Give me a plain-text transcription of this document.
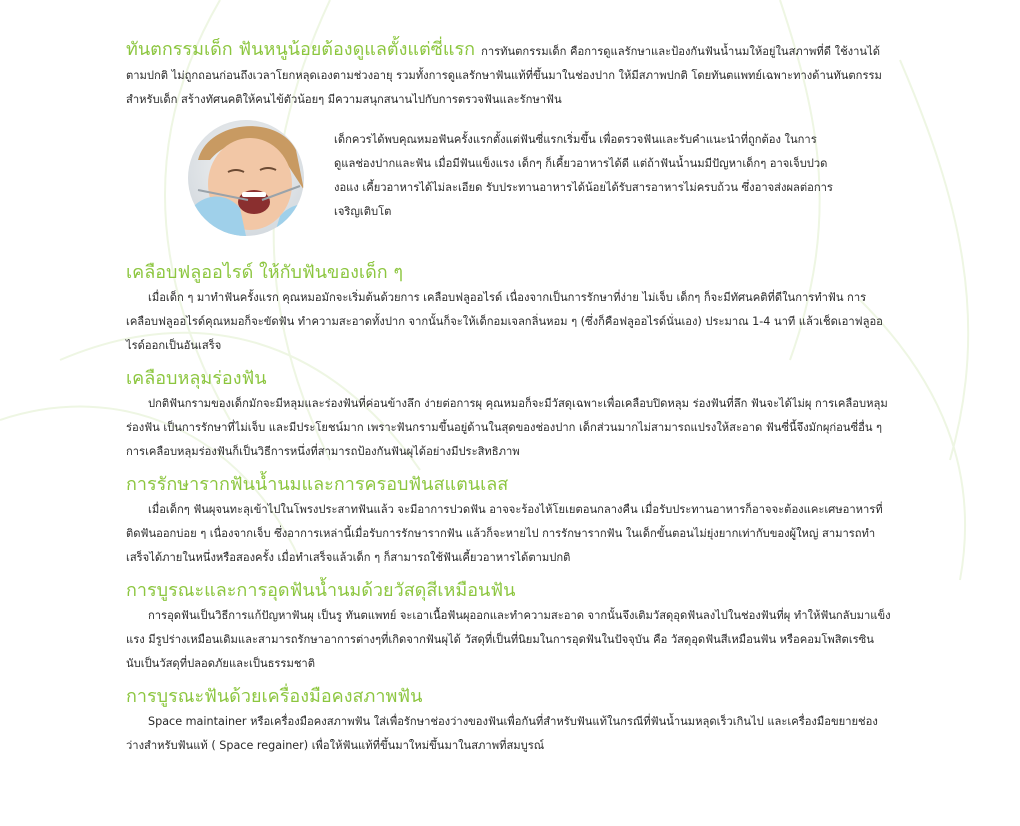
ทันตกรรมเด็ก ฟันหนูน้อยต้องดูแลตั้งแต่ซี่แรก การทันตกรรมเด็ก คือการดูแลรักษาและป้องกันฟันน้ำนมให้อยู่ในสภาพที่ดี ใช้งานได้ตามปกติ ไม่ถูกถอนก่อนถึงเวลาโยกหลุดเองตามช่วงอายุ รวมทั้งการดูแลรักษาฟันแท้ที่ขึ้นมาในช่องปาก ให้มีสภาพปกติ โดยทันตแพทย์เฉพาะทางด้านทันตกรรมสำหรับเด็ก สร้างทัศนคติให้คนไข้ตัวน้อยๆ มีความสนุกสนานไปกับการตรวจฟันและรักษาฟัน

เด็กควรได้พบคุณหมอฟันครั้งแรกตั้งแต่ฟันซี่แรกเริ่มขึ้น เพื่อตรวจฟันและรับคำแนะนำที่ถูกต้อง ในการดูแลช่องปากและฟัน เมื่อมีฟันแข็งแรง เด็กๆ ก็เคี้ยวอาหารได้ดี แต่ถ้าฟันน้ำนมมีปัญหาเด็กๆ อาจเจ็บปวดงอแง เคี้ยวอาหารได้ไม่ละเอียด รับประทานอาหารได้น้อยได้รับสารอาหารไม่ครบถ้วน ซึ่งอาจส่งผลต่อการเจริญเติบโต

เคลือบฟลูออไรด์ ให้กับฟันของเด็ก ๆ

เมื่อเด็ก ๆ มาทำฟันครั้งแรก คุณหมอมักจะเริ่มต้นด้วยการ เคลือบฟลูออไรด์ เนื่องจากเป็นการรักษาที่ง่าย ไม่เจ็บ เด็กๆ ก็จะมีทัศนคติที่ดีในการทำฟัน การเคลือบฟลูออไรด์คุณหมอก็จะขัดฟัน ทำความสะอาดทั้งปาก จากนั้นก็จะให้เด็กอมเจลกลิ่นหอม ๆ (ซึ่งก็คือฟลูออไรด์นั่นเอง) ประมาณ 1-4 นาที แล้วเช็ดเอาฟลูออไรด์ออกเป็นอันเสร็จ

เคลือบหลุมร่องฟัน

ปกติฟันกรามของเด็กมักจะมีหลุมและร่องฟันที่ค่อนข้างลึก ง่ายต่อการผุ คุณหมอก็จะมีวัสดุเฉพาะเพื่อเคลือบปิดหลุม ร่องฟันที่ลึก ฟันจะได้ไม่ผุ การเคลือบหลุมร่องฟัน เป็นการรักษาที่ไม่เจ็บ และมีประโยชน์มาก เพราะฟันกรามขึ้นอยู่ด้านในสุดของช่องปาก เด็กส่วนมากไม่สามารถแปรงให้สะอาด ฟันซี่นี้จึงมักผุก่อนซี่อื่น ๆ การเคลือบหลุมร่องฟันก็เป็นวิธีการหนึ่งที่สามารถป้องกันฟันผุได้อย่างมีประสิทธิภาพ

การรักษารากฟันน้ำนมและการครอบฟันสแตนเลส

เมื่อเด็กๆ ฟันผุจนทะลุเข้าไปในโพรงประสาทฟันแล้ว จะมีอาการปวดฟัน อาจจะร้องไห้โยเยตอนกลางคืน เมื่อรับประทานอาหารก็อาจจะต้องแคะเศษอาหารที่ติดฟันออกบ่อย ๆ เนื่องจากเจ็บ ซึ่งอาการเหล่านี้เมื่อรับการรักษารากฟัน แล้วก็จะหายไป การรักษารากฟัน ในเด็กขั้นตอนไม่ยุ่งยากเท่ากับของผู้ใหญ่ สามารถทำเสร็จได้ภายในหนึ่งหรือสองครั้ง เมื่อทำเสร็จแล้วเด็ก ๆ ก็สามารถใช้ฟันเคี้ยวอาหารได้ตามปกติ

การบูรณะและการอุดฟันน้ำนมด้วยวัสดุสีเหมือนฟัน

การอุดฟันเป็นวิธีการแก้ปัญหาฟันผุ เป็นรู ทันตแพทย์ จะเอาเนื้อฟันผุออกและทำความสะอาด จากนั้นจึงเติมวัสดุอุดฟันลงไปในช่องฟันที่ผุ ทำให้ฟันกลับมาแข็งแรง มีรูปร่างเหมือนเดิมและสามารถรักษาอาการต่างๆที่เกิดจากฟันผุได้ วัสดุที่เป็นที่นิยมในการอุดฟันในปัจจุบัน คือ วัสดุอุดฟันสีเหมือนฟัน หรือคอมโพสิตเรซิน นับเป็นวัสดุที่ปลอดภัยและเป็นธรรมชาติ

การบูรณะฟันด้วยเครื่องมือคงสภาพฟัน

Space maintainer หรือเครื่องมือคงสภาพฟัน ใส่เพื่อรักษาช่องว่างของฟันเพื่อกันที่สำหรับฟันแท้ในกรณีที่ฟันน้ำนมหลุดเร็วเกินไป และเครื่องมือขยายช่องว่างสำหรับฟันแท้ ( Space regainer) เพื่อให้ฟันแท้ที่ขึ้นมาใหม่ขึ้นมาในสภาพที่สมบูรณ์
